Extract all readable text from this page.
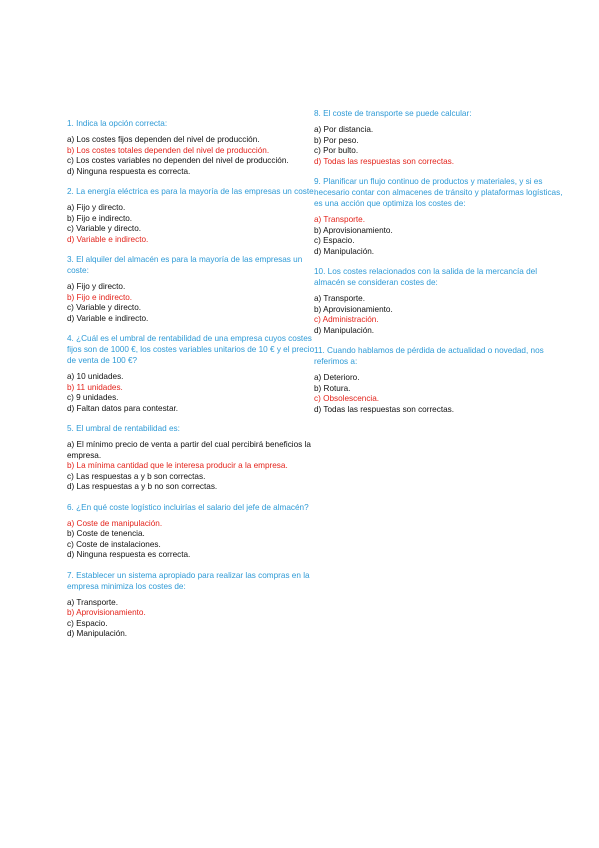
1. Indica la opción correcta:
a) Los costes fijos dependen del nivel de producción.
b) Los costes totales dependen del nivel de producción.
c) Los costes variables no dependen del nivel de producción.
d) Ninguna respuesta es correcta.
2. La energía eléctrica es para la mayoría de las empresas un coste:
a) Fijo y directo.
b) Fijo e indirecto.
c) Variable y directo.
d) Variable e indirecto.
3. El alquiler del almacén es para la mayoría de las empresas un coste:
a) Fijo y directo.
b) Fijo e indirecto.
c) Variable y directo.
d) Variable e indirecto.
4. ¿Cuál es el umbral de rentabilidad de una empresa cuyos costes fijos son de 1000 €, los costes variables unitarios de 10 € y el precio de venta de 100 €?
a) 10 unidades.
b) 11 unidades.
c) 9 unidades.
d) Faltan datos para contestar.
5. El umbral de rentabilidad es:
a) El mínimo precio de venta a partir del cual percibirá beneficios la empresa.
b) La mínima cantidad que le interesa producir a la empresa.
c) Las respuestas a y b son correctas.
d) Las respuestas a y b no son correctas.
6. ¿En qué coste logístico incluirías el salario del jefe de almacén?
a) Coste de manipulación.
b) Coste de tenencia.
c) Coste de instalaciones.
d) Ninguna respuesta es correcta.
7. Establecer un sistema apropiado para realizar las compras en la empresa minimiza los costes de:
a) Transporte.
b) Aprovisionamiento.
c) Espacio.
d) Manipulación.
8. El coste de transporte se puede calcular:
a) Por distancia.
b) Por peso.
c) Por bulto.
d) Todas las respuestas son correctas.
9. Planificar un flujo continuo de productos y materiales, y si es necesario contar con almacenes de tránsito y plataformas logísticas, es una acción que optimiza los costes de:
a) Transporte.
b) Aprovisionamiento.
c) Espacio.
d) Manipulación.
10. Los costes relacionados con la salida de la mercancía del almacén se consideran costes de:
a) Transporte.
b) Aprovisionamiento.
c) Administración.
d) Manipulación.
11. Cuando hablamos de pérdida de actualidad o novedad, nos referimos a:
a) Deterioro.
b) Rotura.
c) Obsolescencia.
d) Todas las respuestas son correctas.
